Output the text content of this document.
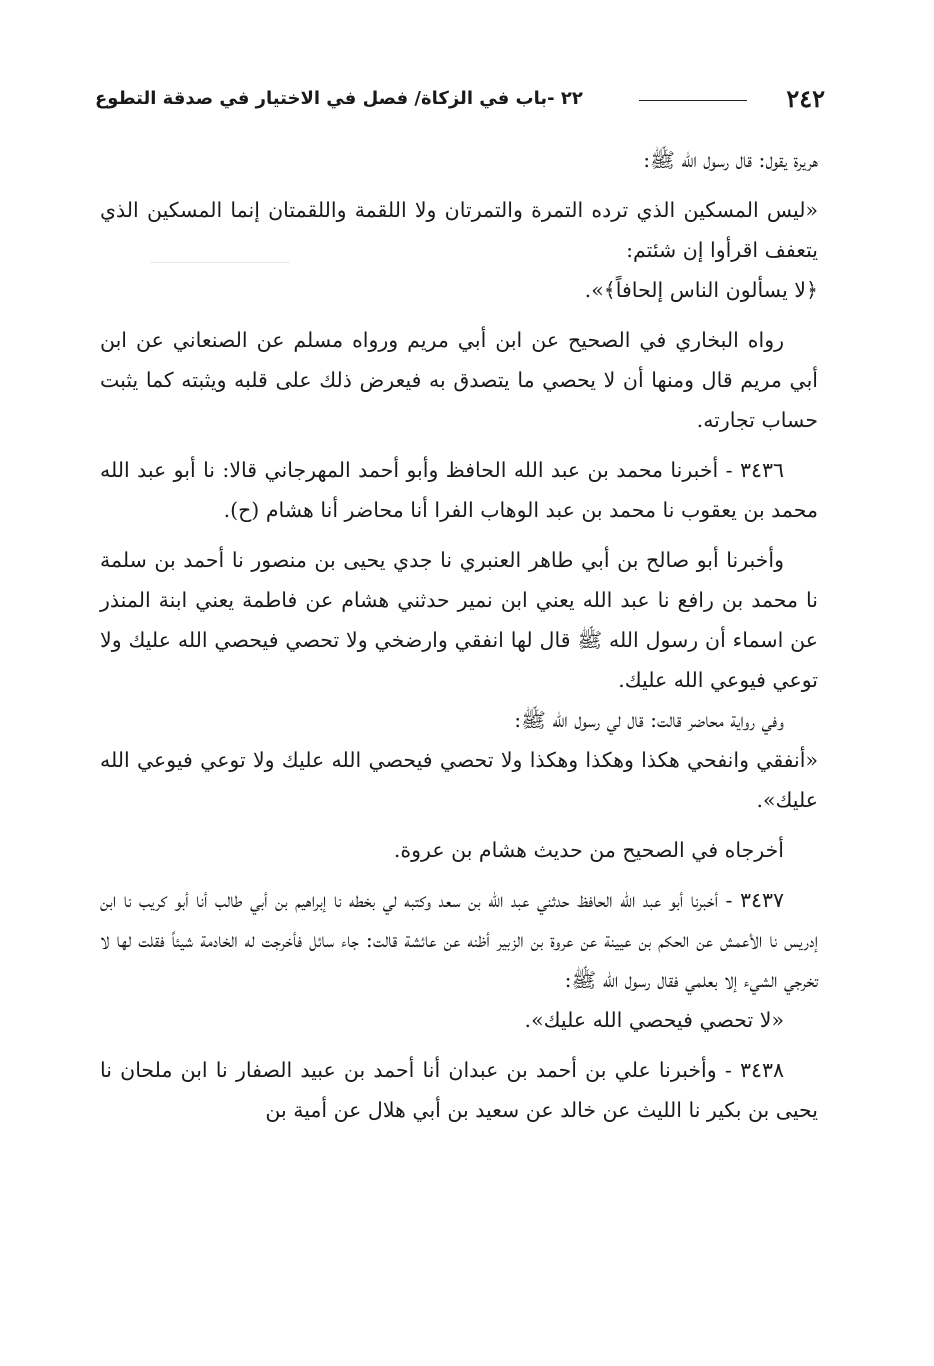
٢٤٢
٢٢ -باب في الزكاة/ فصل في الاختيار في صدقة التطوع

هريرة يقول: قال رسول الله ﷺ:

«ليس المسكين الذي ترده التمرة والتمرتان ولا اللقمة واللقمتان إنما المسكين الذي يتعفف اقرأوا إن شئتم:

﴿لا يسألون الناس إلحافاً﴾».

رواه البخاري في الصحيح عن ابن أبي مريم ورواه مسلم عن الصنعاني عن ابن أبي مريم قال ومنها أن لا يحصي ما يتصدق به فيعرض ذلك على قلبه ويثبته كما يثبت حساب تجارته.

٣٤٣٦ - أخبرنا محمد بن عبد الله الحافظ وأبو أحمد المهرجاني قالا: نا أبو عبد الله محمد بن يعقوب نا محمد بن عبد الوهاب الفرا أنا محاضر أنا هشام (ح).

وأخبرنا أبو صالح بن أبي طاهر العنبري نا جدي يحيى بن منصور نا أحمد بن سلمة نا محمد بن رافع نا عبد الله يعني ابن نمير حدثني هشام عن فاطمة يعني ابنة المنذر عن اسماء أن رسول الله ﷺ قال لها انفقي وارضخي ولا تحصي فيحصي الله عليك ولا توعي فيوعي الله عليك.

وفي رواية محاضر قالت: قال لي رسول الله ﷺ:

«أنفقي وانفحي هكذا وهكذا وهكذا ولا تحصي فيحصي الله عليك ولا توعي فيوعي الله عليك».

أخرجاه في الصحيح من حديث هشام بن عروة.

٣٤٣٧ - أخبرنا أبو عبد الله الحافظ حدثني عبد الله بن سعد وكتبه لي بخطه نا إبراهيم بن أبي طالب أنا أبو كريب نا ابن إدريس نا الأعمش عن الحكم بن عيينة عن عروة بن الزبير أظنه عن عائشة قالت: جاء سائل فأخرجت له الخادمة شيئاً فقلت لها لا تخرجي الشيء إلا بعلمي فقال رسول الله ﷺ:

«لا تحصي فيحصي الله عليك».

٣٤٣٨ - وأخبرنا علي بن أحمد بن عبدان أنا أحمد بن عبيد الصفار نا ابن ملحان نا يحيى بن بكير نا الليث عن خالد عن سعيد بن أبي هلال عن أمية بن
